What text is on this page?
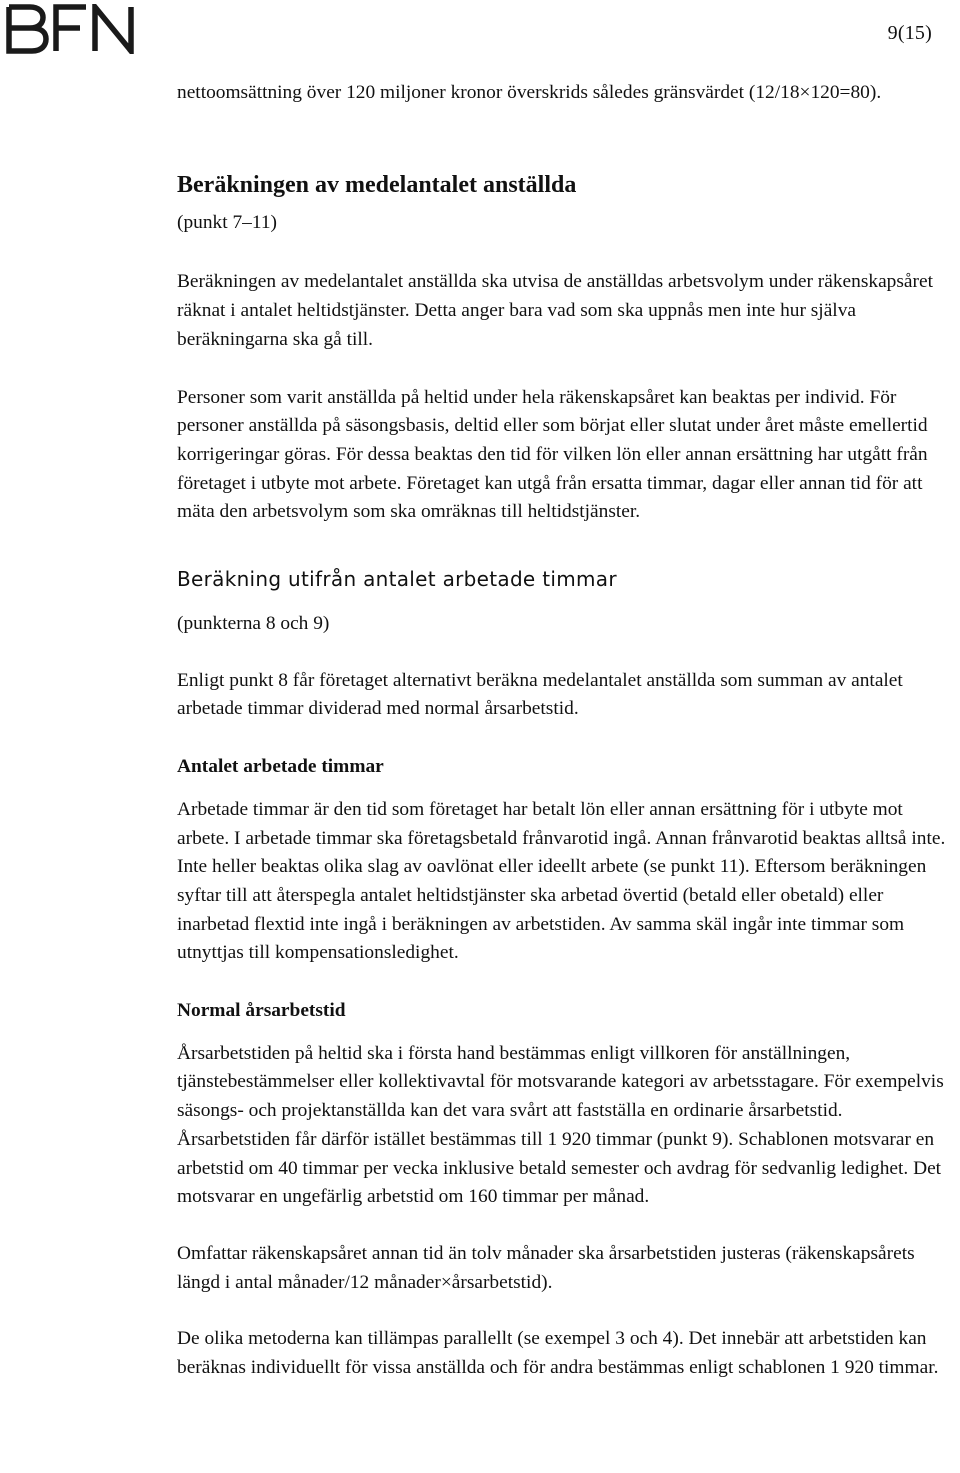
9(15)

nettoomsättning över 120 miljoner kronor överskrids således gränsvärdet (12/18×120=80).

Beräkningen av medelantalet anställda

(punkt 7–11)

Beräkningen av medelantalet anställda ska utvisa de anställdas arbetsvolym under räkenskapsåret räknat i antalet heltidstjänster. Detta anger bara vad som ska uppnås men inte hur själva beräkningarna ska gå till.

Personer som varit anställda på heltid under hela räkenskapsåret kan beaktas per individ. För personer anställda på säsongsbasis, deltid eller som börjat eller slutat under året måste emellertid korrigeringar göras. För dessa beaktas den tid för vilken lön eller annan ersättning har utgått från företaget i utbyte mot arbete. Företaget kan utgå från ersatta timmar, dagar eller annan tid för att mäta den arbetsvolym som ska omräknas till heltidstjänster.

Beräkning utifrån antalet arbetade timmar

(punkterna 8 och 9)

Enligt punkt 8 får företaget alternativt beräkna medelantalet anställda som summan av antalet arbetade timmar dividerad med normal årsarbetstid.

Antalet arbetade timmar

Arbetade timmar är den tid som företaget har betalt lön eller annan ersättning för i utbyte mot arbete. I arbetade timmar ska företagsbetald frånvarotid ingå. Annan frånvarotid beaktas alltså inte. Inte heller beaktas olika slag av oavlönat eller ideellt arbete (se punkt 11). Eftersom beräkningen syftar till att återspegla antalet heltidstjänster ska arbetad övertid (betald eller obetald) eller inarbetad flextid inte ingå i beräkningen av arbetstiden. Av samma skäl ingår inte timmar som utnyttjas till kompensationsledighet.

Normal årsarbetstid

Årsarbetstiden på heltid ska i första hand bestämmas enligt villkoren för anställningen, tjänstebestämmelser eller kollektivavtal för motsvarande kategori av arbetsstagare. För exempelvis säsongs- och projektanställda kan det vara svårt att fastställa en ordinarie årsarbetstid. Årsarbetstiden får därför istället bestämmas till 1 920 timmar (punkt 9). Schablonen motsvarar en arbetstid om 40 timmar per vecka inklusive betald semester och avdrag för sedvanlig ledighet. Det motsvarar en ungefärlig arbetstid om 160 timmar per månad.

Omfattar räkenskapsåret annan tid än tolv månader ska årsarbetstiden justeras (räkenskapsårets längd i antal månader/12 månader×årsarbetstid).

De olika metoderna kan tillämpas parallellt (se exempel 3 och 4). Det innebär att arbetstiden kan beräknas individuellt för vissa anställda och för andra bestämmas enligt schablonen 1 920 timmar.
